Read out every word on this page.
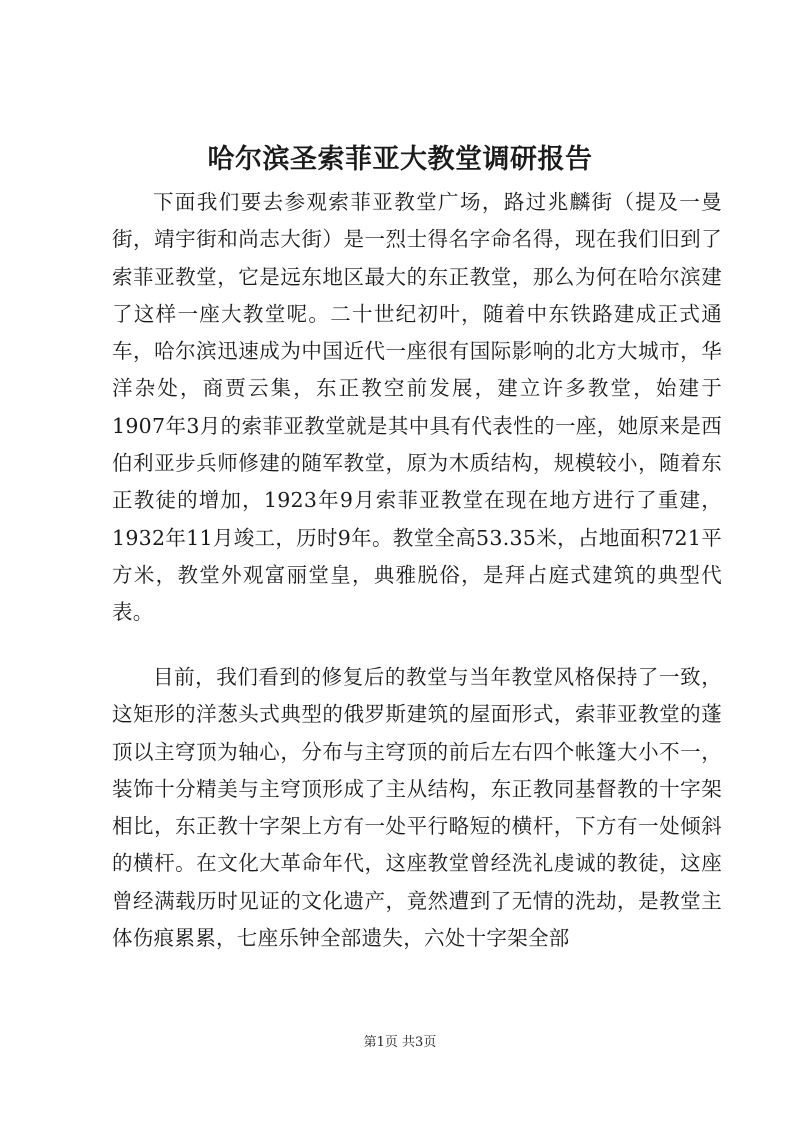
哈尔滨圣索菲亚大教堂调研报告

下面我们要去参观索菲亚教堂广场，路过兆麟街（提及一曼街，靖宇街和尚志大街）是一烈士得名字命名得，现在我们旧到了索菲亚教堂，它是远东地区最大的东正教堂，那么为何在哈尔滨建了这样一座大教堂呢。二十世纪初叶，随着中东铁路建成正式通车，哈尔滨迅速成为中国近代一座很有国际影响的北方大城市，华洋杂处，商贾云集，东正教空前发展，建立许多教堂，始建于1907年3月的索菲亚教堂就是其中具有代表性的一座，她原来是西伯利亚步兵师修建的随军教堂，原为木质结构，规模较小，随着东正教徒的增加，1923年9月索菲亚教堂在现在地方进行了重建，1932年11月竣工，历时9年。教堂全高53.35米，占地面积721平方米，教堂外观富丽堂皇，典雅脱俗，是拜占庭式建筑的典型代表。

目前，我们看到的修复后的教堂与当年教堂风格保持了一致，这矩形的洋葱头式典型的俄罗斯建筑的屋面形式，索菲亚教堂的蓬顶以主穹顶为轴心，分布与主穹顶的前后左右四个帐篷大小不一，装饰十分精美与主穹顶形成了主从结构，东正教同基督教的十字架相比，东正教十字架上方有一处平行略短的横杆，下方有一处倾斜的横杆。在文化大革命年代，这座教堂曾经洗礼虔诚的教徒，这座曾经满载历时见证的文化遗产，竟然遭到了无情的洗劫，是教堂主体伤痕累累，七座乐钟全部遗失，六处十字架全部

第1页 共3页
